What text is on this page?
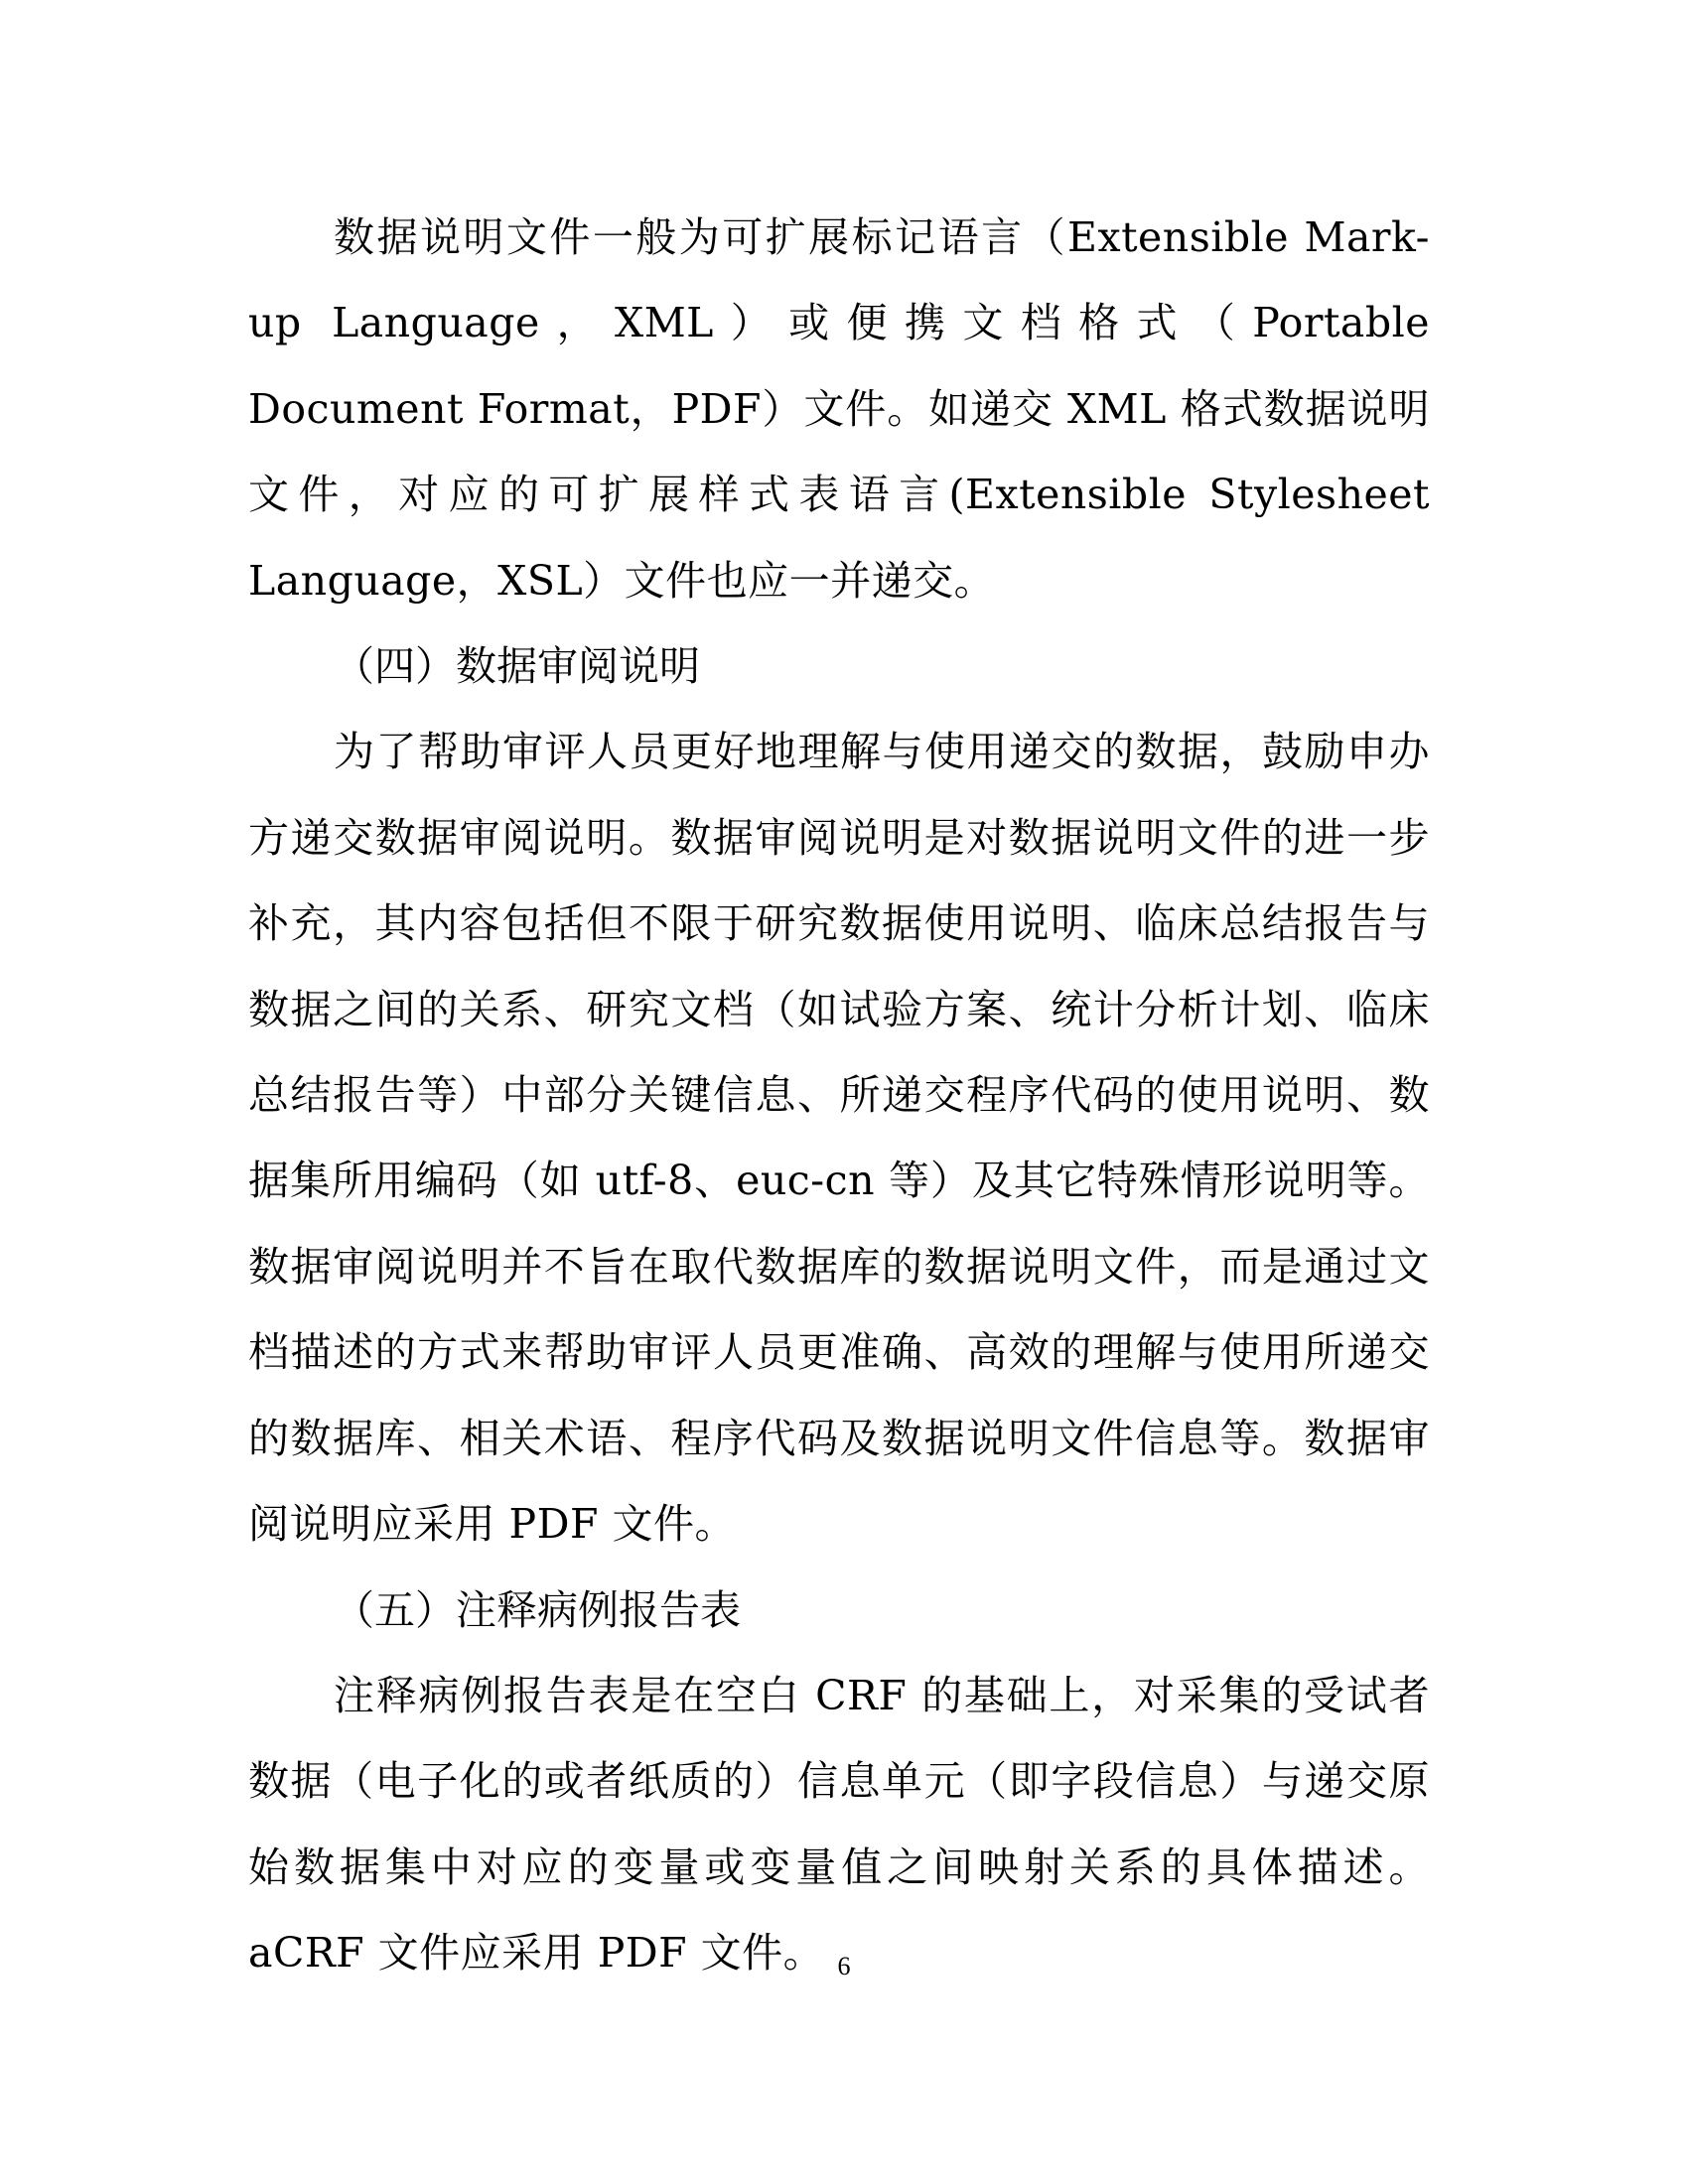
数据说明文件一般为可扩展标记语言（Extensible Mark-up Language，XML）或便携文档格式（Portable Document Format，PDF）文件。如递交 XML 格式数据说明文件，对应的可扩展样式表语言(Extensible Stylesheet Language，XSL）文件也应一并递交。

（四）数据审阅说明

为了帮助审评人员更好地理解与使用递交的数据，鼓励申办方递交数据审阅说明。数据审阅说明是对数据说明文件的进一步补充，其内容包括但不限于研究数据使用说明、临床总结报告与数据之间的关系、研究文档（如试验方案、统计分析计划、临床总结报告等）中部分关键信息、所递交程序代码的使用说明、数据集所用编码（如 utf-8、euc-cn 等）及其它特殊情形说明等。数据审阅说明并不旨在取代数据库的数据说明文件，而是通过文档描述的方式来帮助审评人员更准确、高效的理解与使用所递交的数据库、相关术语、程序代码及数据说明文件信息等。数据审阅说明应采用 PDF 文件。

（五）注释病例报告表

注释病例报告表是在空白 CRF 的基础上，对采集的受试者数据（电子化的或者纸质的）信息单元（即字段信息）与递交原始数据集中对应的变量或变量值之间映射关系的具体描述。aCRF 文件应采用 PDF 文件。 6
